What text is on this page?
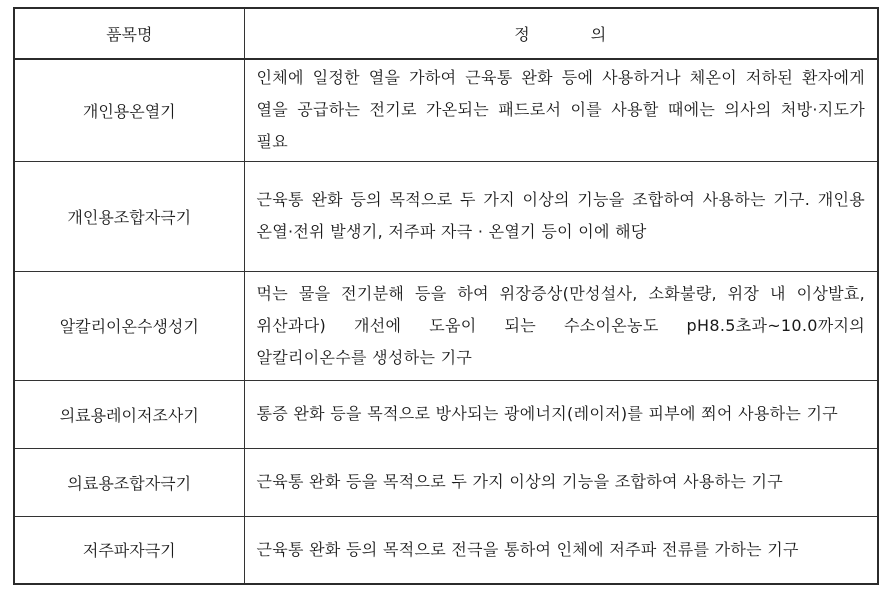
품목명	정 의
개인용온열기	인체에 일정한 열을 가하여 근육통 완화 등에 사용하거나 체온이 저하된 환자에게 열을 공급하는 전기로 가온되는 패드로서 이를 사용할 때에는 의사의 처방·지도가 필요
개인용조합자극기	근육통 완화 등의 목적으로 두 가지 이상의 기능을 조합하여 사용하는 기구. 개인용 온열·전위 발생기, 저주파 자극 · 온열기 등이 이에 해당
알칼리이온수생성기	먹는 물을 전기분해 등을 하여 위장증상(만성설사, 소화불량, 위장 내 이상발효, 위산과다) 개선에 도움이 되는 수소이온농도 pH8.5초과~10.0까지의 알칼리이온수를 생성하는 기구
의료용레이저조사기	통증 완화 등을 목적으로 방사되는 광에너지(레이저)를 피부에 쬐어 사용하는 기구
의료용조합자극기	근육통 완화 등을 목적으로 두 가지 이상의 기능을 조합하여 사용하는 기구
저주파자극기	근육통 완화 등의 목적으로 전극을 통하여 인체에 저주파 전류를 가하는 기구
